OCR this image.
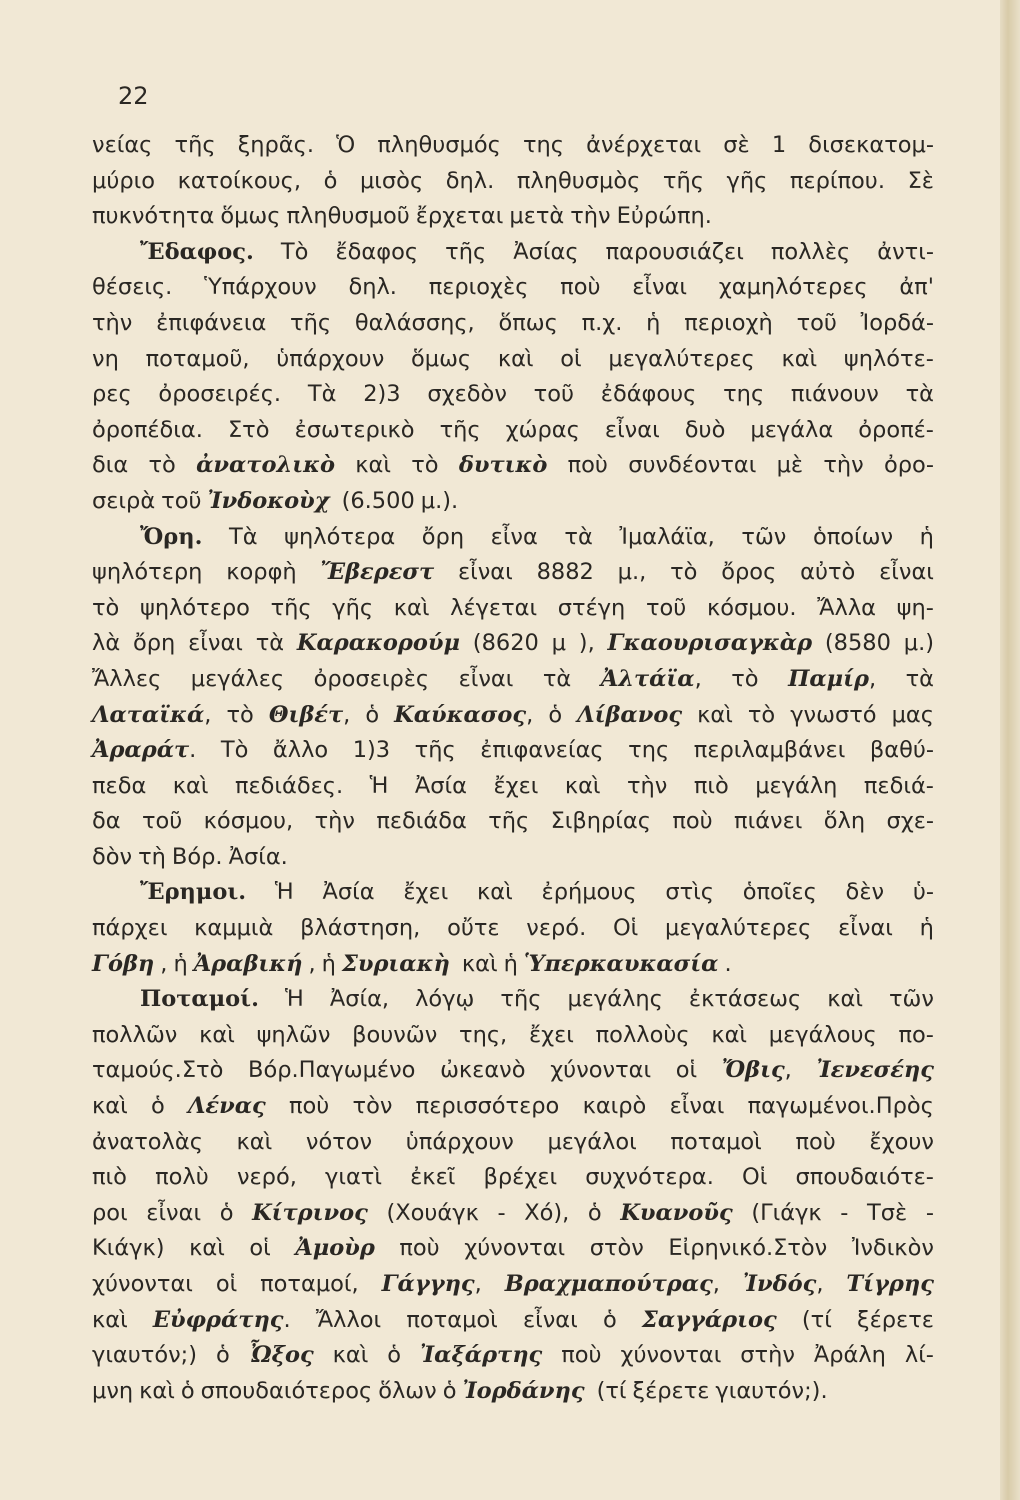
22
νείας τῆς ξηρᾶς. Ὁ πληθυσμός της ἀνέρχεται σὲ 1 δισεκατομ-
μύριο κατοίκους, ὁ μισὸς δηλ. πληθυσμὸς τῆς γῆς περίπου. Σὲ
πυκνότητα ὅμως πληθυσμοῦ ἔρχεται μετὰ τὴν Εὐρώπη.
Ἔδαφος. Τὸ ἔδαφος τῆς Ἀσίας παρουσιάζει πολλὲς ἀντι-
θέσεις. Ὑπάρχουν δηλ. περιοχὲς ποὺ εἶναι χαμηλότερες ἀπ'
τὴν ἐπιφάνεια τῆς θαλάσσης, ὅπως π.χ. ἡ περιοχὴ τοῦ Ἰορδά-
νη ποταμοῦ, ὑπάρχουν ὅμως καὶ οἱ μεγαλύτερες καὶ ψηλότε-
ρες ὀροσειρές. Τὰ 2)3 σχεδὸν τοῦ ἐδάφους της πιάνουν τὰ
ὀροπέδια. Στὸ ἐσωτερικὸ τῆς χώρας εἶναι δυὸ μεγάλα ὀροπέ-
δια τὸ ἀνατολικὸ καὶ τὸ δυτικὸ ποὺ συνδέονται μὲ τὴν ὀρο-
σειρὰ τοῦ Ἰνδοκοὺχ (6.500 μ.).
Ὄρη. Τὰ ψηλότερα ὄρη εἶνα τὰ Ἰμαλάϊα, τῶν ὁποίων ἡ
ψηλότερη κορφὴ Ἔβερεστ εἶναι 8882 μ., τὸ ὄρος αὐτὸ εἶναι
τὸ ψηλότερο τῆς γῆς καὶ λέγεται στέγη τοῦ κόσμου. Ἄλλα ψη-
λὰ ὄρη εἶναι τὰ Καρακορούμ (8620 μ ), Γκαουρισαγκὰρ (8580 μ.)
Ἄλλες μεγάλες ὀροσειρὲς εἶναι τὰ Ἀλτάϊα, τὸ Παμίρ, τὰ
Λαταϊκά, τὸ Θιβέτ, ὁ Καύκασος, ὁ Λίβανος καὶ τὸ γνωστό μας
Ἀραράτ. Τὸ ἄλλο 1)3 τῆς ἐπιφανείας της περιλαμβάνει βαθύ-
πεδα καὶ πεδιάδες. Ἡ Ἀσία ἔχει καὶ τὴν πιὸ μεγάλη πεδιά-
δα τοῦ κόσμου, τὴν πεδιάδα τῆς Σιβηρίας ποὺ πιάνει ὅλη σχε-
δὸν τὴ Βόρ. Ἀσία.
Ἔρημοι. Ἡ Ἀσία ἔχει καὶ ἐρήμους στὶς ὁποῖες δὲν ὑ-
πάρχει καμμιὰ βλάστηση, οὔτε νερό. Οἱ μεγαλύτερες εἶναι ἡ
Γόβη , ἡ Ἀραβική , ἡ Συριακὴ καὶ ἡ Ὑπερκαυκασία .
Ποταμοί. Ἡ Ἀσία, λόγῳ τῆς μεγάλης ἐκτάσεως καὶ τῶν
πολλῶν καὶ ψηλῶν βουνῶν της, ἔχει πολλοὺς καὶ μεγάλους πο-
ταμούς.Στὸ Βόρ.Παγωμένο ὠκεανὸ χύνονται οἱ Ὄβις, Ἰενεσέης
καὶ ὁ Λένας ποὺ τὸν περισσότερο καιρὸ εἶναι παγωμένοι.Πρὸς
ἀνατολὰς καὶ νότον ὑπάρχουν μεγάλοι ποταμοὶ ποὺ ἔχουν
πιὸ πολὺ νερό, γιατὶ ἐκεῖ βρέχει συχνότερα. Οἱ σπουδαιότε-
ροι εἶναι ὁ Κίτρινος (Χουάγκ - Χό), ὁ Κυανοῦς (Γιάγκ - Τσὲ -
Κιάγκ) καὶ οἱ Ἀμοὺρ ποὺ χύνονται στὸν Εἰρηνικό.Στὸν Ἰνδικὸν
χύνονται οἱ ποταμοί, Γάγγης, Βραχμαπούτρας, Ἰνδός, Τίγρης
καὶ Εὐφράτης. Ἄλλοι ποταμοὶ εἶναι ὁ Σαγγάριος (τί ξέρετε
γιαυτόν;) ὁ Ὦξος καὶ ὁ Ἰαξάρτης ποὺ χύνονται στὴν Ἀράλη λί-
μνη καὶ ὁ σπουδαιότερος ὅλων ὁ Ἰορδάνης (τί ξέρετε γιαυτόν;).
